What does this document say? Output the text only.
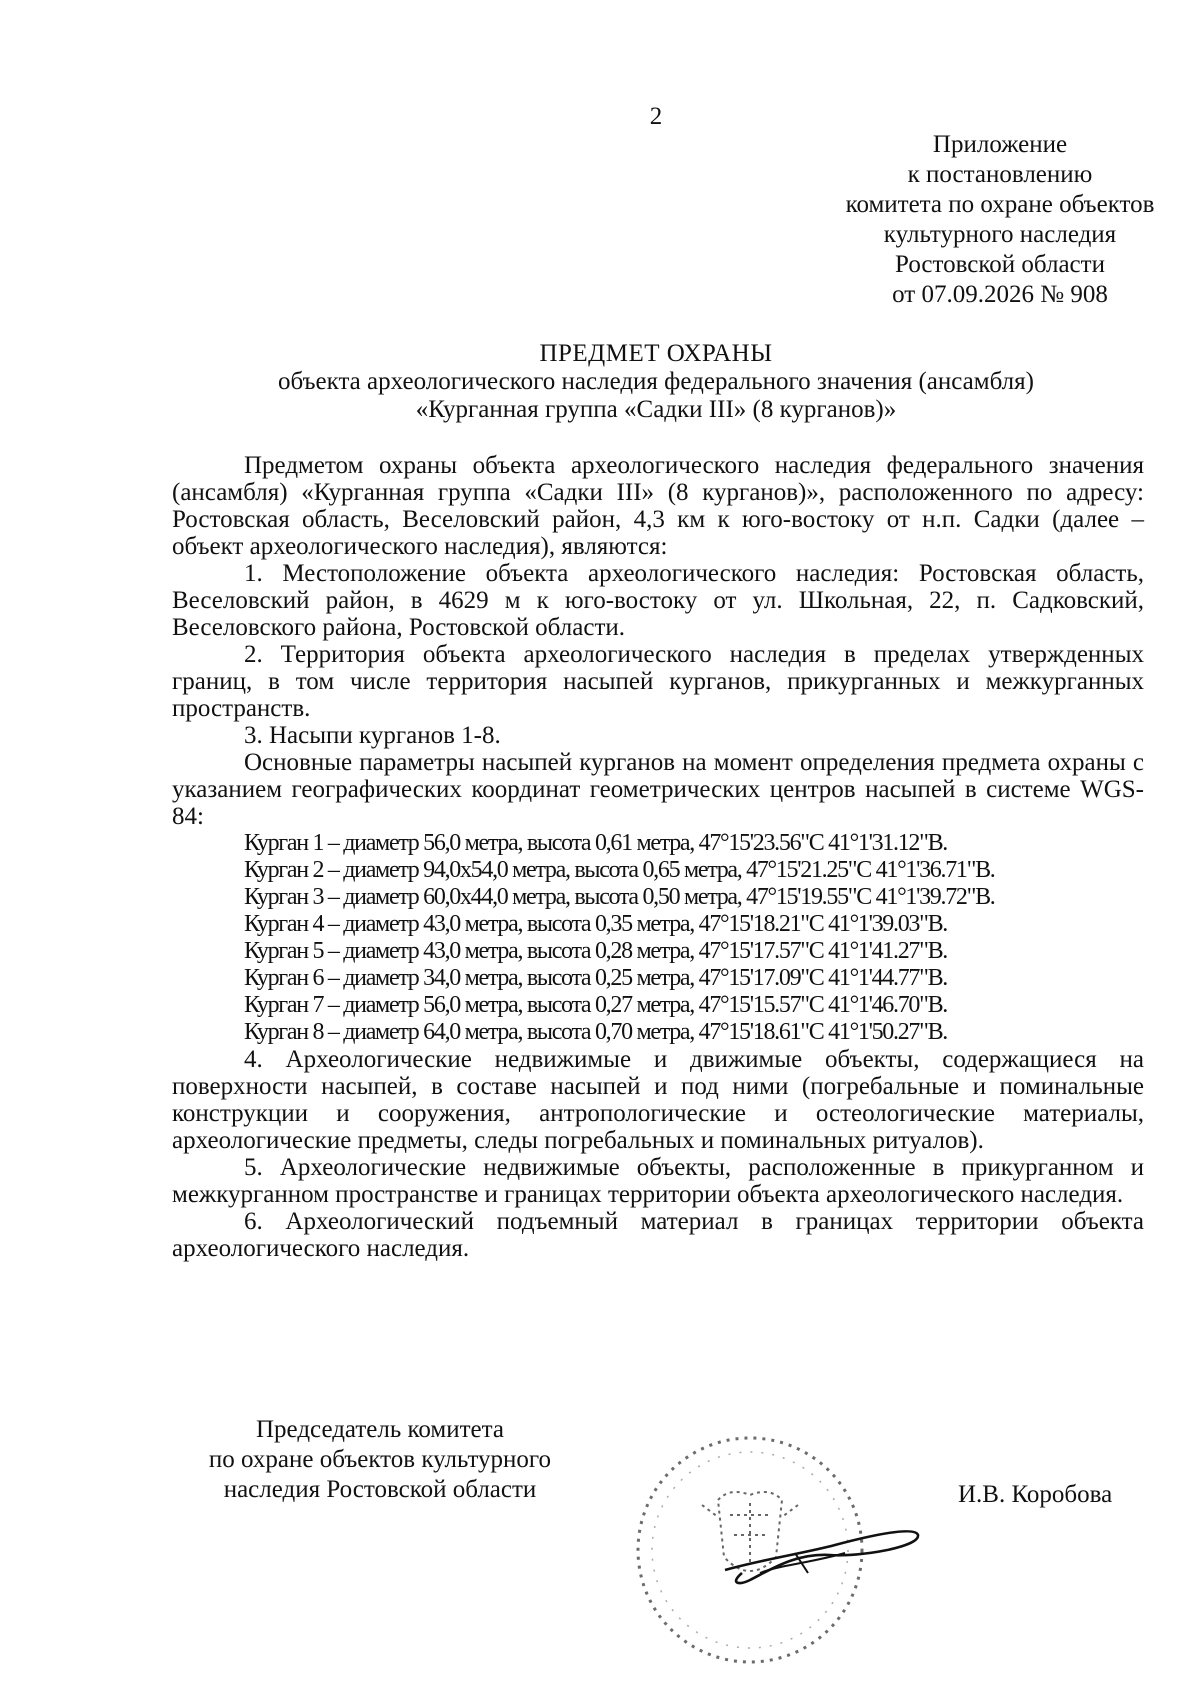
2
Приложение
к постановлению
комитета по охране объектов
культурного наследия
Ростовской области
от 07.09.2026 № 908
ПРЕДМЕТ ОХРАНЫ
объекта археологического наследия федерального значения (ансамбля)
«Курганная группа «Садки III» (8 курганов)»

Предметом охраны объекта археологического наследия федерального значения (ансамбля) «Курганная группа «Садки III» (8 курганов)», расположенного по адресу: Ростовская область, Веселовский район, 4,3 км к юго-востоку от н.п. Садки (далее – объект археологического наследия), являются:

1. Местоположение объекта археологического наследия: Ростовская область, Веселовский район, в 4629 м к юго-востоку от ул. Школьная, 22, п. Садковский, Веселовского района, Ростовской области.

2. Территория объекта археологического наследия в пределах утвержденных границ, в том числе территория насыпей курганов, прикурганных и межкурганных пространств.

3. Насыпи курганов 1-8.

Основные параметры насыпей курганов на момент определения предмета охраны с указанием географических координат геометрических центров насыпей в системе WGS-84:

Курган 1 – диаметр 56,0 метра, высота 0,61 метра, 47°15'23.56"С 41°1'31.12"В.
Курган 2 – диаметр 94,0х54,0 метра, высота 0,65 метра, 47°15'21.25"С 41°1'36.71"В.
Курган 3 – диаметр 60,0х44,0 метра, высота 0,50 метра, 47°15'19.55"С 41°1'39.72"В.
Курган 4 – диаметр 43,0 метра, высота 0,35 метра, 47°15'18.21"С 41°1'39.03"В.
Курган 5 – диаметр 43,0 метра, высота 0,28 метра, 47°15'17.57"С 41°1'41.27"В.
Курган 6 – диаметр 34,0 метра, высота 0,25 метра, 47°15'17.09"С 41°1'44.77"В.
Курган 7 – диаметр 56,0 метра, высота 0,27 метра, 47°15'15.57"С 41°1'46.70"В.
Курган 8 – диаметр 64,0 метра, высота 0,70 метра, 47°15'18.61"С 41°1'50.27"В.

4. Археологические недвижимые и движимые объекты, содержащиеся на поверхности насыпей, в составе насыпей и под ними (погребальные и поминальные конструкции и сооружения, антропологические и остеологические материалы, археологические предметы, следы погребальных и поминальных ритуалов).

5. Археологические недвижимые объекты, расположенные в прикурганном и межкурганном пространстве и границах территории объекта археологического наследия.

6. Археологический подъемный материал в границах территории объекта археологического наследия.

Председатель комитета
по охране объектов культурного
наследия Ростовской области	И.В. Коробова
